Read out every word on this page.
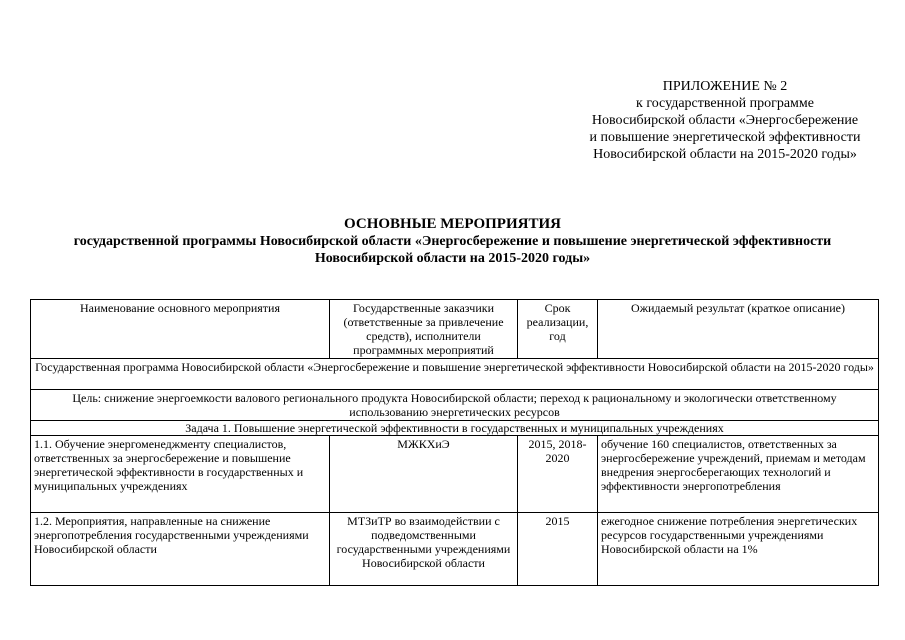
ПРИЛОЖЕНИЕ № 2
к государственной программе
Новосибирской области «Энергосбережение
и повышение энергетической эффективности
Новосибирской области на 2015-2020 годы»
ОСНОВНЫЕ МЕРОПРИЯТИЯ
государственной программы Новосибирской области «Энергосбережение и повышение энергетической эффективности
Новосибирской области на 2015-2020 годы»
Наименование основного мероприятия	Государственные заказчики (ответственные за привлечение средств), исполнители программных мероприятий	Срок реализации, год	Ожидаемый результат (краткое описание)
Государственная программа Новосибирской области «Энергосбережение и повышение энергетической эффективности Новосибирской области на 2015-2020 годы»			
Цель: снижение энергоемкости валового регионального продукта Новосибирской области; переход к рациональному и экологически ответственному использованию энергетических ресурсов			
Задача 1. Повышение энергетической эффективности в государственных и муниципальных учреждениях			
1.1. Обучение энергоменеджменту специалистов, ответственных за энергосбережение и повышение энергетической эффективности в государственных и муниципальных учреждениях	МЖКХиЭ	2015, 2018-2020	обучение 160 специалистов, ответственных за энергосбережение учреждений, приемам и методам внедрения энергосберегающих технологий и эффективности энергопотребления
1.2. Мероприятия, направленные на снижение энергопотребления государственными учреждениями Новосибирской области	МТЗиТР во взаимодействии с подведомственными государственными учреждениями Новосибирской области	2015	ежегодное снижение потребления энергетических ресурсов государственными учреждениями Новосибирской области на 1%
